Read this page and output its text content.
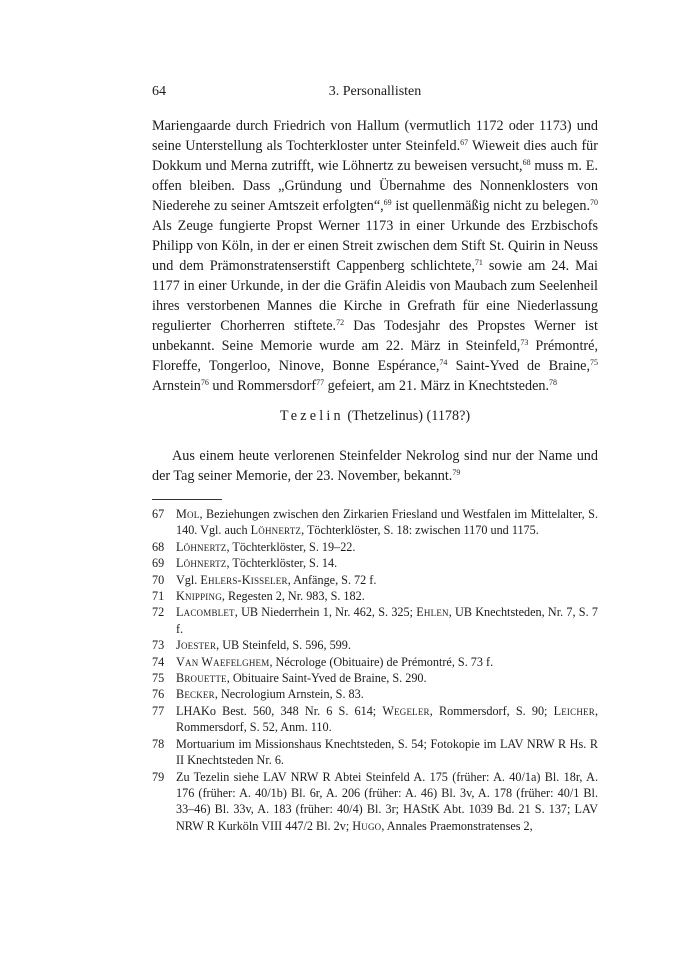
64	3. Personallisten

Mariengaarde durch Friedrich von Hallum (vermutlich 1172 oder 1173) und seine Unterstellung als Tochterkloster unter Steinfeld.$^{67}$ Wieweit dies auch für Dokkum und Merna zutrifft, wie Löhnertz zu beweisen versucht,$^{68}$ muss m. E. offen bleiben. Dass „Gründung und Übernahme des Nonnenklosters von Niederehe zu seiner Amtszeit erfolgten“,$^{69}$ ist quellenmäßig nicht zu belegen.$^{70}$ Als Zeuge fungierte Propst Werner 1173 in einer Urkunde des Erzbischofs Philipp von Köln, in der er einen Streit zwischen dem Stift St. Quirin in Neuss und dem Prämonstratenserstift Cappenberg schlichtete,$^{71}$ sowie am 24. Mai 1177 in einer Urkunde, in der die Gräfin Aleidis von Maubach zum Seelenheil ihres verstorbenen Mannes die Kirche in Grefrath für eine Niederlassung regulierter Chorherren stiftete.$^{72}$ Das Todesjahr des Propstes Werner ist unbekannt. Seine Memorie wurde am 22. März in Steinfeld,$^{73}$ Prémontré, Floreffe, Tongerloo, Ninove, Bonne Espérance,$^{74}$ Saint-Yved de Braine,$^{75}$ Arnstein$^{76}$ und Rommersdorf$^{77}$ gefeiert, am 21. März in Knechtsteden.$^{78}$

Tezelin (Thetzelinus) (1178?)

Aus einem heute verlorenen Steinfelder Nekrolog sind nur der Name und der Tag seiner Memorie, der 23. November, bekannt.$^{79}$

67 Mol, Beziehungen zwischen den Zirkarien Friesland und Westfalen im Mittelalter, S. 140. Vgl. auch Löhnertz, Töchterklöster, S. 18: zwischen 1170 und 1175.
68 Löhnertz, Töchterklöster, S. 19–22.
69 Löhnertz, Töchterklöster, S. 14.
70 Vgl. Ehlers-Kisseler, Anfänge, S. 72 f.
71 Knipping, Regesten 2, Nr. 983, S. 182.
72 Lacomblet, UB Niederrhein 1, Nr. 462, S. 325; Ehlen, UB Knechtsteden, Nr. 7, S. 7 f.
73 Joester, UB Steinfeld, S. 596, 599.
74 Van Waefelghem, Nécrologe (Obituaire) de Prémontré, S. 73 f.
75 Brouette, Obituaire Saint-Yved de Braine, S. 290.
76 Becker, Necrologium Arnstein, S. 83.
77 LHAKo Best. 560, 348 Nr. 6 S. 614; Wegeler, Rommersdorf, S. 90; Leicher, Rommersdorf, S. 52, Anm. 110.
78 Mortuarium im Missionshaus Knechtsteden, S. 54; Fotokopie im LAV NRW R Hs. R II Knechtsteden Nr. 6.
79 Zu Tezelin siehe LAV NRW R Abtei Steinfeld A. 175 (früher: A. 40/1a) Bl. 18r, A. 176 (früher: A. 40/1b) Bl. 6r, A. 206 (früher: A. 46) Bl. 3v, A. 178 (früher: 40/1 Bl. 33–46) Bl. 33v, A. 183 (früher: 40/4) Bl. 3r; HAStK Abt. 1039 Bd. 21 S. 137; LAV NRW R Kurköln VIII 447/2 Bl. 2v; Hugo, Annales Praemonstratenses 2,
